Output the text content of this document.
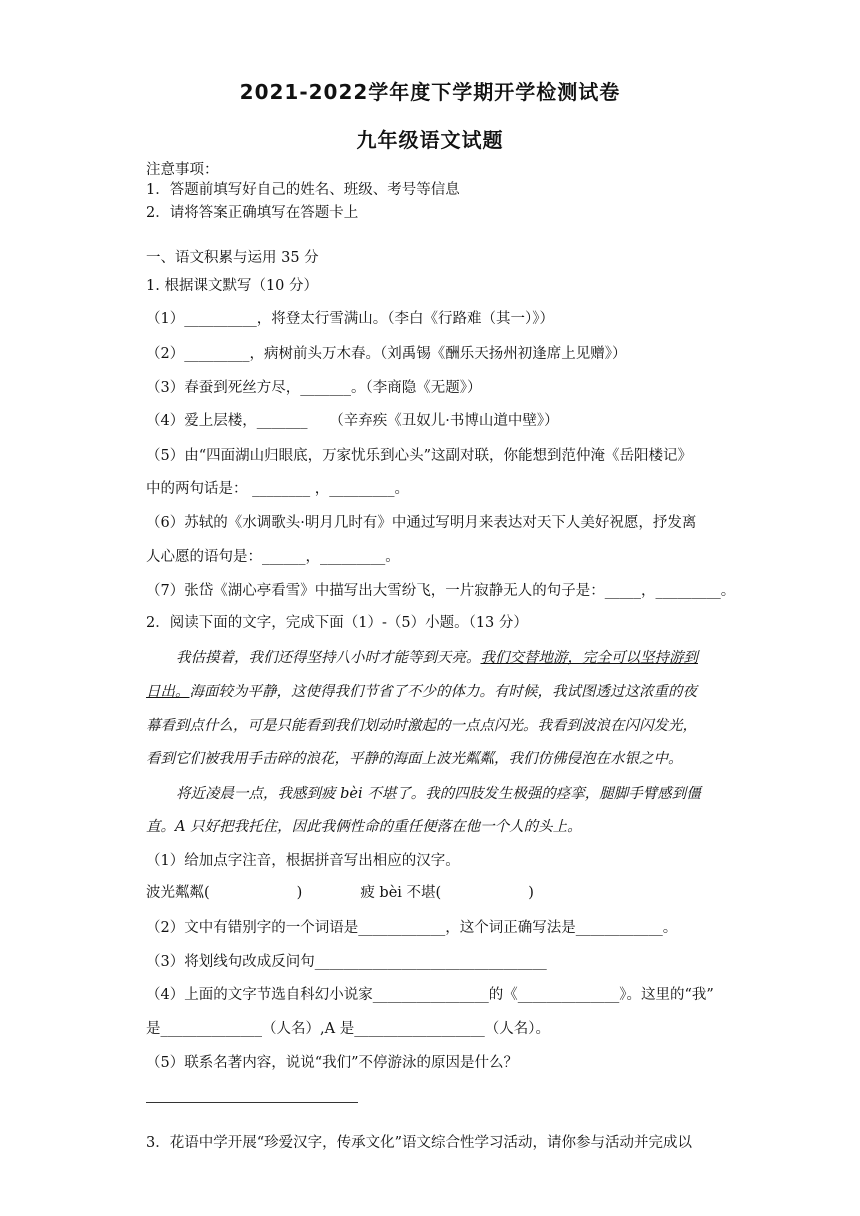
2021-2022学年度下学期开学检测试卷
九年级语文试题
注意事项：
1．答题前填写好自己的姓名、班级、考号等信息
2．请将答案正确填写在答题卡上
一、语文积累与运用 35 分
1. 根据课文默写（10 分）
（1）__________，将登太行雪满山。（李白《行路难（其一）》）
（2）_________，病树前头万木春。（刘禹锡《酬乐天扬州初逢席上见赠》）
（3）春蚕到死丝方尽，_______。（李商隐《无题》）
（4）爱上层楼，_______　　（辛弃疾《丑奴儿·书博山道中壁》）
（5）由“四面湖山归眼底，万家忧乐到心头”这副对联，你能想到范仲淹《岳阳楼记》
中的两句话是： ________ ，_________。
（6）苏轼的《水调歌头·明月几时有》中通过写明月来表达对天下人美好祝愿，抒发离
人心愿的语句是：______，_________。
（7）张岱《湖心亭看雪》中描写出大雪纷飞，一片寂静无人的句子是：_____，_________。
2．阅读下面的文字，完成下面（1）-（5）小题。（13 分）
我估摸着，我们还得坚持八小时才能等到天亮。我们交替地游，完全可以坚持游到
日出。海面较为平静，这使得我们节省了不少的体力。有时候，我试图透过这浓重的夜
幕看到点什么，可是只能看到我们划动时激起的一点点闪光。我看到波浪在闪闪发光，
看到它们被我用手击碎的浪花，平静的海面上波光粼粼，我们仿佛侵泡在水银之中。
将近凌晨一点，我感到疲 bèi 不堪了。我的四肢发生极强的痉挛，腿脚手臂感到僵
直。A 只好把我托住，因此我俩性命的重任便落在他一个人的头上。
（1）给加点字注音，根据拼音写出相应的汉字。
波光粼粼(　　　　　　)　　　　疲 bèi 不堪(　　　　　　)
（2）文中有错别字的一个词语是____________，这个词正确写法是____________。
（3）将划线句改成反问句________________________________
（4）上面的文字节选自科幻小说家________________的《______________》。这里的“我”
是______________（人名）,A 是__________________（人名）。
（5）联系名著内容，说说“我们”不停游泳的原因是什么？
3．花语中学开展“珍爱汉字，传承文化”语文综合性学习活动，请你参与活动并完成以
